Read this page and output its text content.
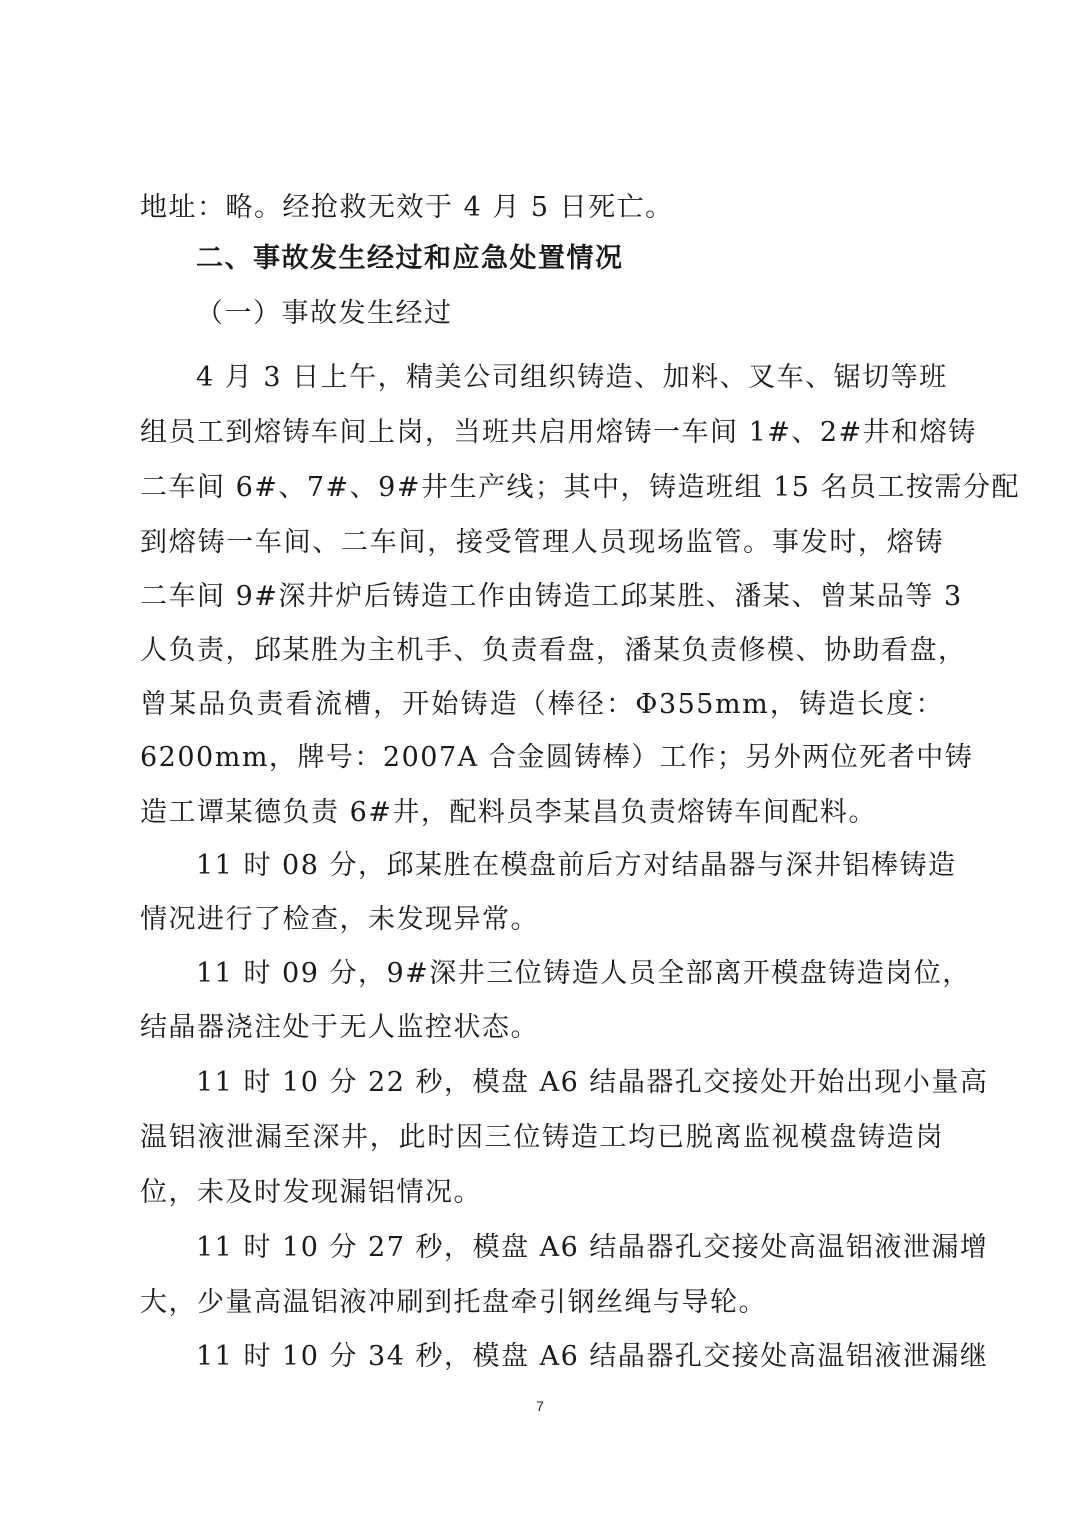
地址：略。经抢救无效于 4 月 5 日死亡。
二、事故发生经过和应急处置情况
（一）事故发生经过
4 月 3 日上午，精美公司组织铸造、加料、叉车、锯切等班
组员工到熔铸车间上岗，当班共启用熔铸一车间 1#、2#井和熔铸
二车间 6#、7#、9#井生产线；其中，铸造班组 15 名员工按需分配
到熔铸一车间、二车间，接受管理人员现场监管。事发时，熔铸
二车间 9#深井炉后铸造工作由铸造工邱某胜、潘某、曾某品等 3
人负责，邱某胜为主机手、负责看盘，潘某负责修模、协助看盘，
曾某品负责看流槽，开始铸造（棒径：Φ355mm，铸造长度：
6200mm，牌号：2007A 合金圆铸棒）工作；另外两位死者中铸
造工谭某德负责 6#井，配料员李某昌负责熔铸车间配料。
11 时 08 分，邱某胜在模盘前后方对结晶器与深井铝棒铸造
情况进行了检查，未发现异常。
11 时 09 分，9#深井三位铸造人员全部离开模盘铸造岗位，
结晶器浇注处于无人监控状态。
11 时 10 分 22 秒，模盘 A6 结晶器孔交接处开始出现小量高
温铝液泄漏至深井，此时因三位铸造工均已脱离监视模盘铸造岗
位，未及时发现漏铝情况。
11 时 10 分 27 秒，模盘 A6 结晶器孔交接处高温铝液泄漏增
大，少量高温铝液冲刷到托盘牵引钢丝绳与导轮。
11 时 10 分 34 秒，模盘 A6 结晶器孔交接处高温铝液泄漏继
7
